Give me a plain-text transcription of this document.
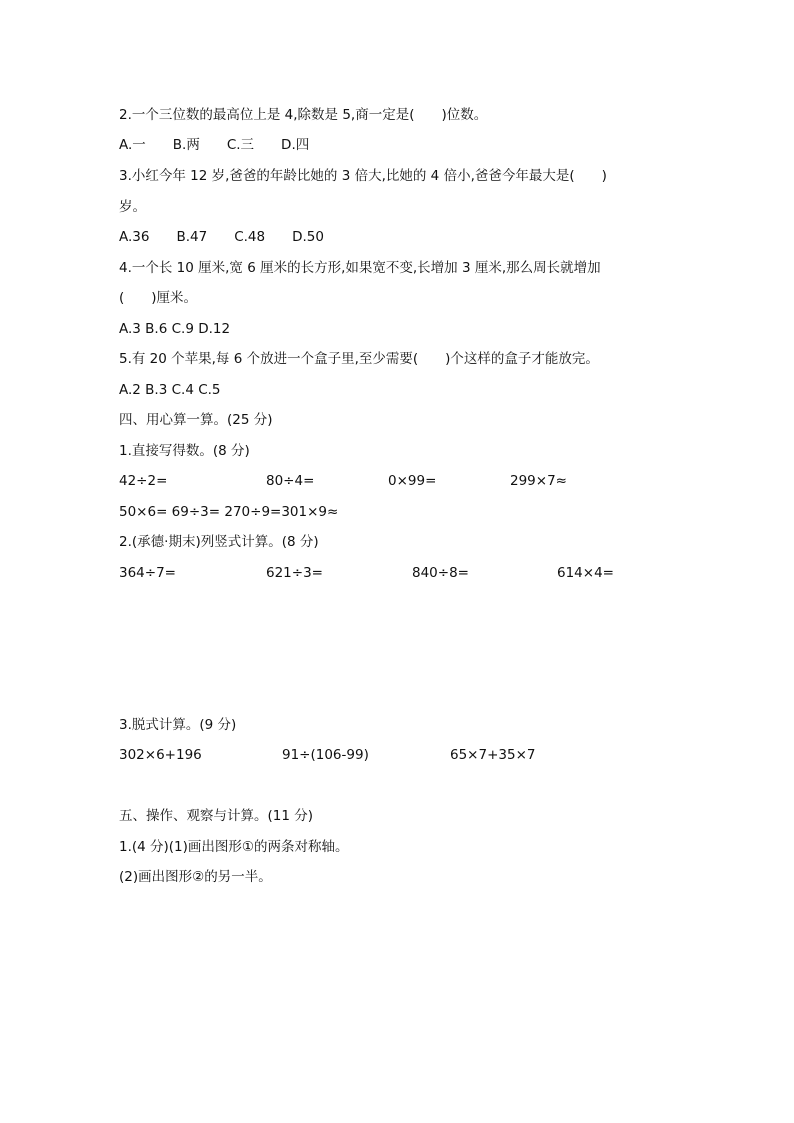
2.一个三位数的最高位上是 4,除数是 5,商一定是(　　)位数。
A.一　　B.两　　C.三　　D.四
3.小红今年 12 岁,爸爸的年龄比她的 3 倍大,比她的 4 倍小,爸爸今年最大是(　　)
岁。
A.36　　B.47　　C.48　　D.50
4.一个长 10 厘米,宽 6 厘米的长方形,如果宽不变,长增加 3 厘米,那么周长就增加
(　　)厘米。
A.3 B.6 C.9 D.12
5.有 20 个苹果,每 6 个放进一个盒子里,至少需要(　　)个这样的盒子才能放完。
A.2 B.3 C.4 C.5
四、用心算一算。(25 分)
1.直接写得数。(8 分)
42÷2=	80÷4=	0×99=	299×7≈
50×6= 69÷3= 270÷9=301×9≈
2.(承德·期末)列竖式计算。(8 分)
364÷7=	621÷3=	840÷8=	614×4=
3.脱式计算。(9 分)
302×6+196	91÷(106-99)	65×7+35×7
五、操作、观察与计算。(11 分)
1.(4 分)(1)画出图形①的两条对称轴。
(2)画出图形②的另一半。
